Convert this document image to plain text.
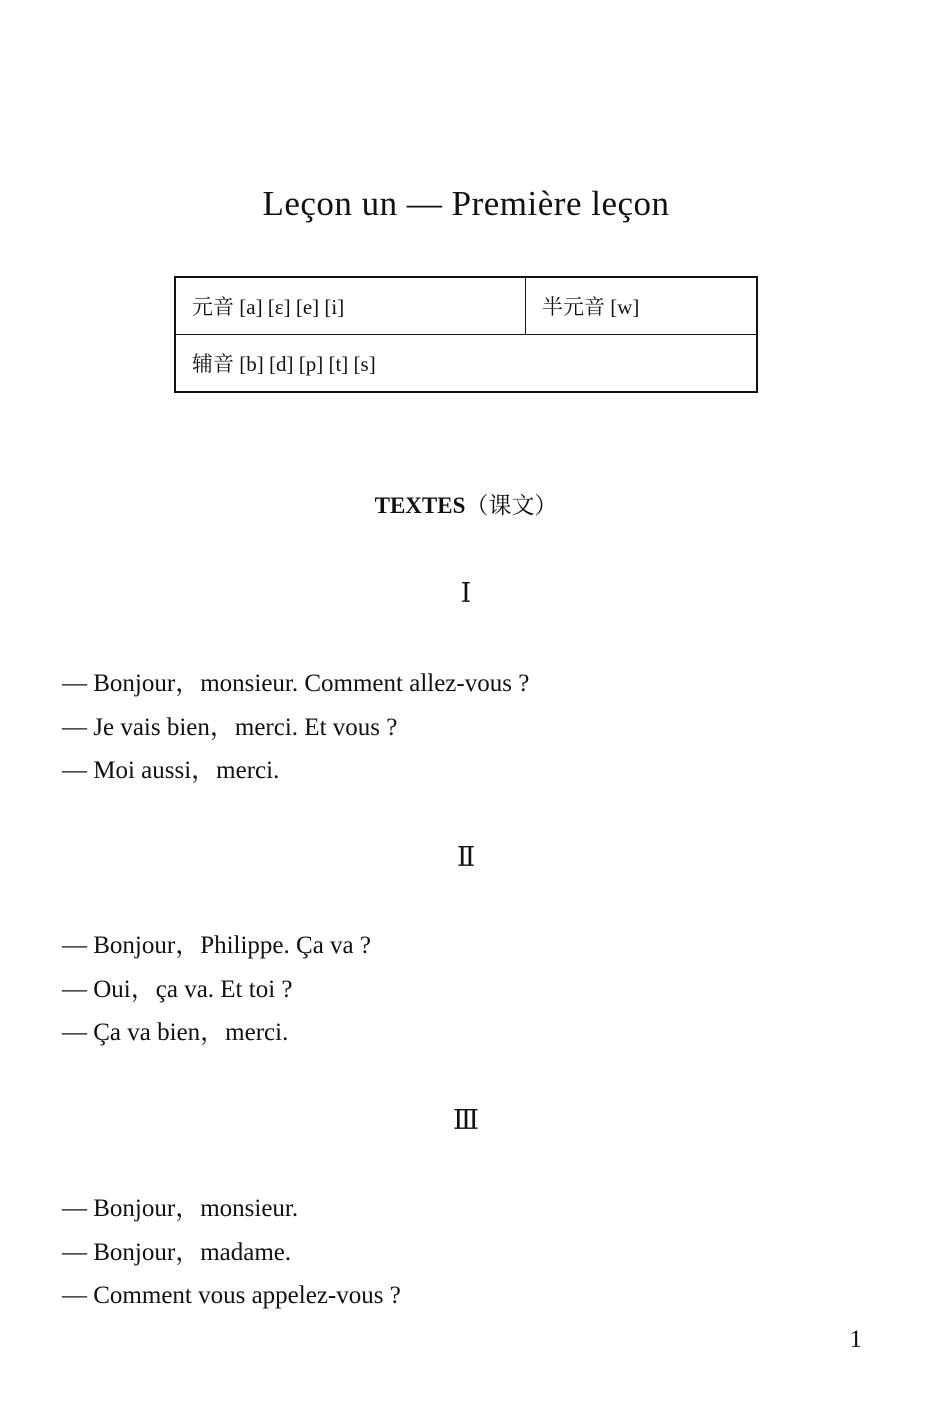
Leçon un — Première leçon
元音 [a] [ε] [e] [i]	半元音 [w]
辅音 [b] [d] [p] [t] [s]
TEXTES（课文）
Ⅰ
— Bonjour，monsieur. Comment allez-vous ?
— Je vais bien，merci. Et vous ?
— Moi aussi，merci.
Ⅱ
— Bonjour，Philippe. Ça va ?
— Oui，ça va. Et toi ?
— Ça va bien，merci.
Ⅲ
— Bonjour，monsieur.
— Bonjour，madame.
— Comment vous appelez-vous ?
1
